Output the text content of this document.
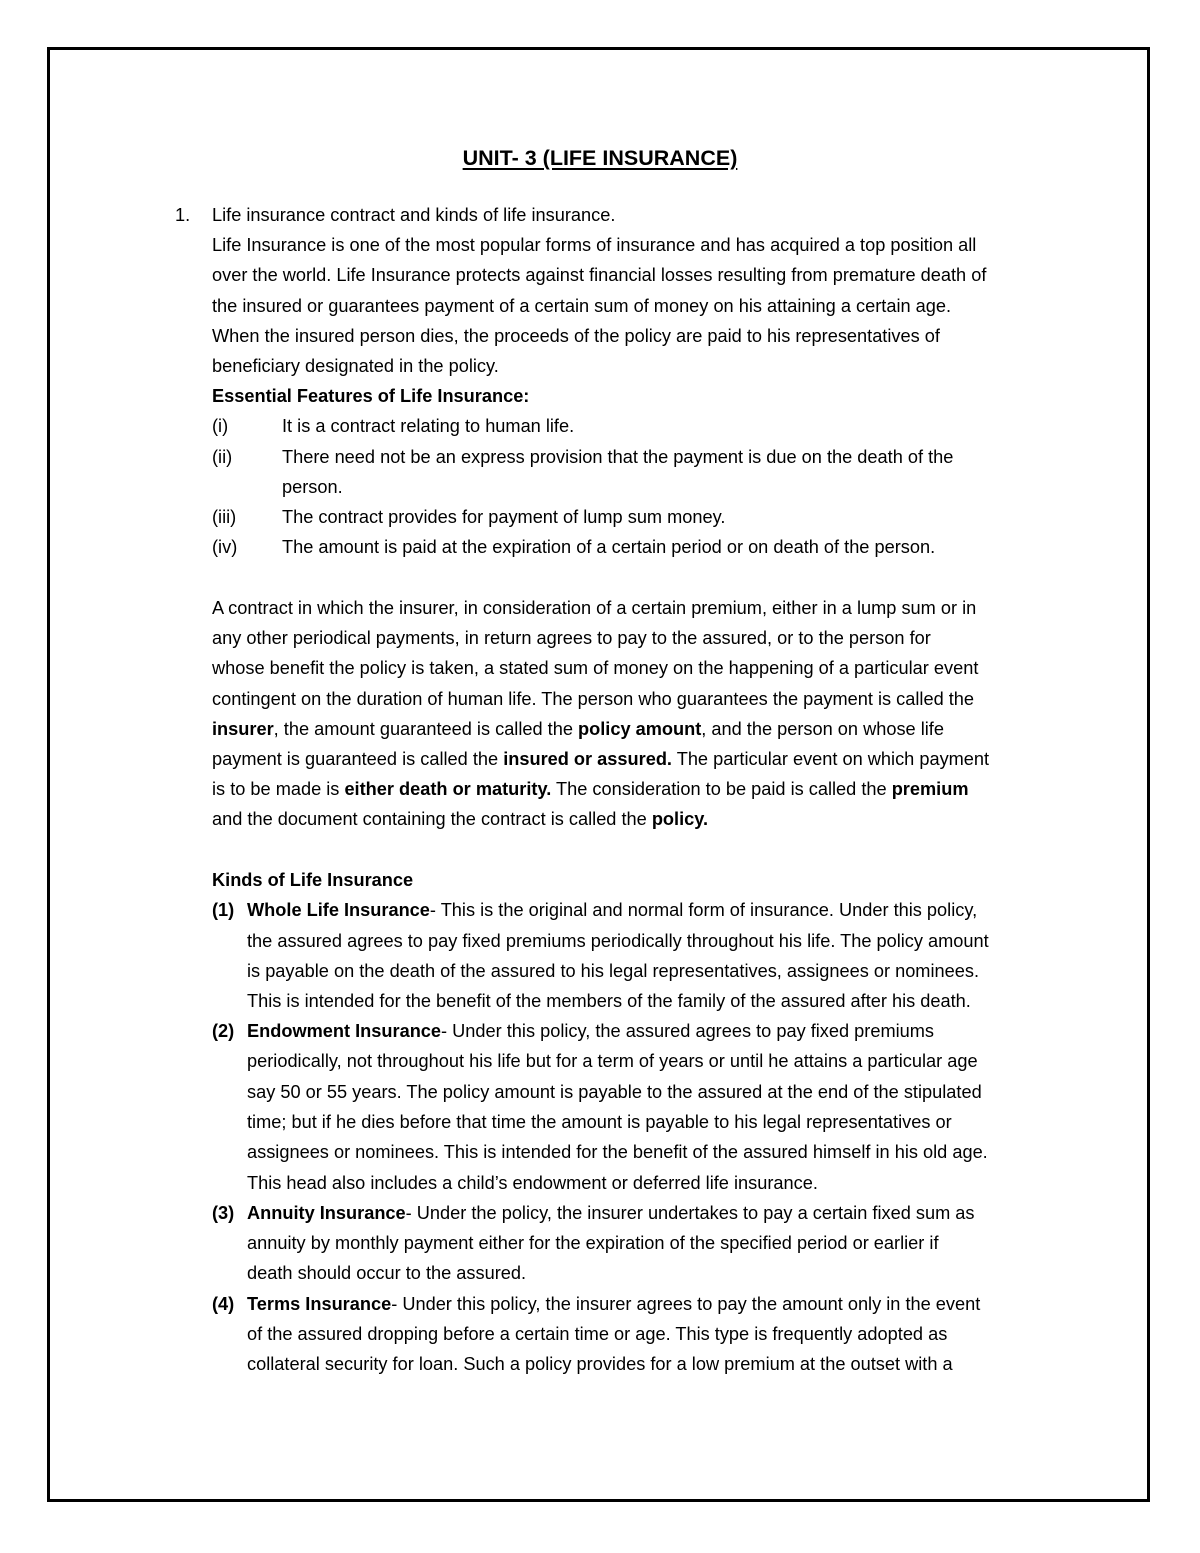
UNIT- 3 (LIFE INSURANCE)
1. Life insurance contract and kinds of life insurance.
Life Insurance is one of the most popular forms of insurance and has acquired a top position all
over the world. Life Insurance protects against financial losses resulting from premature death of
the insured or guarantees payment of a certain sum of money on his attaining a certain age.
When the insured person dies, the proceeds of the policy are paid to his representatives of
beneficiary designated in the policy.
Essential Features of Life Insurance:
(i)	It is a contract relating to human life.
(ii)	There need not be an express provision that the payment is due on the death of the
person.
(iii)	The contract provides for payment of lump sum money.
(iv) The amount is paid at the expiration of a certain period or on death of the person.
A contract in which the insurer, in consideration of a certain premium, either in a lump sum or in
any other periodical payments, in return agrees to pay to the assured, or to the person for
whose benefit the policy is taken, a stated sum of money on the happening of a particular event
contingent on the duration of human life. The person who guarantees the payment is called the
insurer, the amount guaranteed is called the policy amount, and the person on whose life
payment is guaranteed is called the insured or assured. The particular event on which payment
is to be made is either death or maturity. The consideration to be paid is called the premium
and the document containing the contract is called the policy.
Kinds of Life Insurance
(1) Whole Life Insurance- This is the original and normal form of insurance. Under this policy,
the assured agrees to pay fixed premiums periodically throughout his life. The policy amount
is payable on the death of the assured to his legal representatives, assignees or nominees.
This is intended for the benefit of the members of the family of the assured after his death.
(2) Endowment Insurance- Under this policy, the assured agrees to pay fixed premiums
periodically, not throughout his life but for a term of years or until he attains a particular age
say 50 or 55 years. The policy amount is payable to the assured at the end of the stipulated
time; but if he dies before that time the amount is payable to his legal representatives or
assignees or nominees. This is intended for the benefit of the assured himself in his old age.
This head also includes a child’s endowment or deferred life insurance.
(3) Annuity Insurance- Under the policy, the insurer undertakes to pay a certain fixed sum as
annuity by monthly payment either for the expiration of the specified period or earlier if
death should occur to the assured.
(4) Terms Insurance- Under this policy, the insurer agrees to pay the amount only in the event
of the assured dropping before a certain time or age. This type is frequently adopted as
collateral security for loan. Such a policy provides for a low premium at the outset with a
